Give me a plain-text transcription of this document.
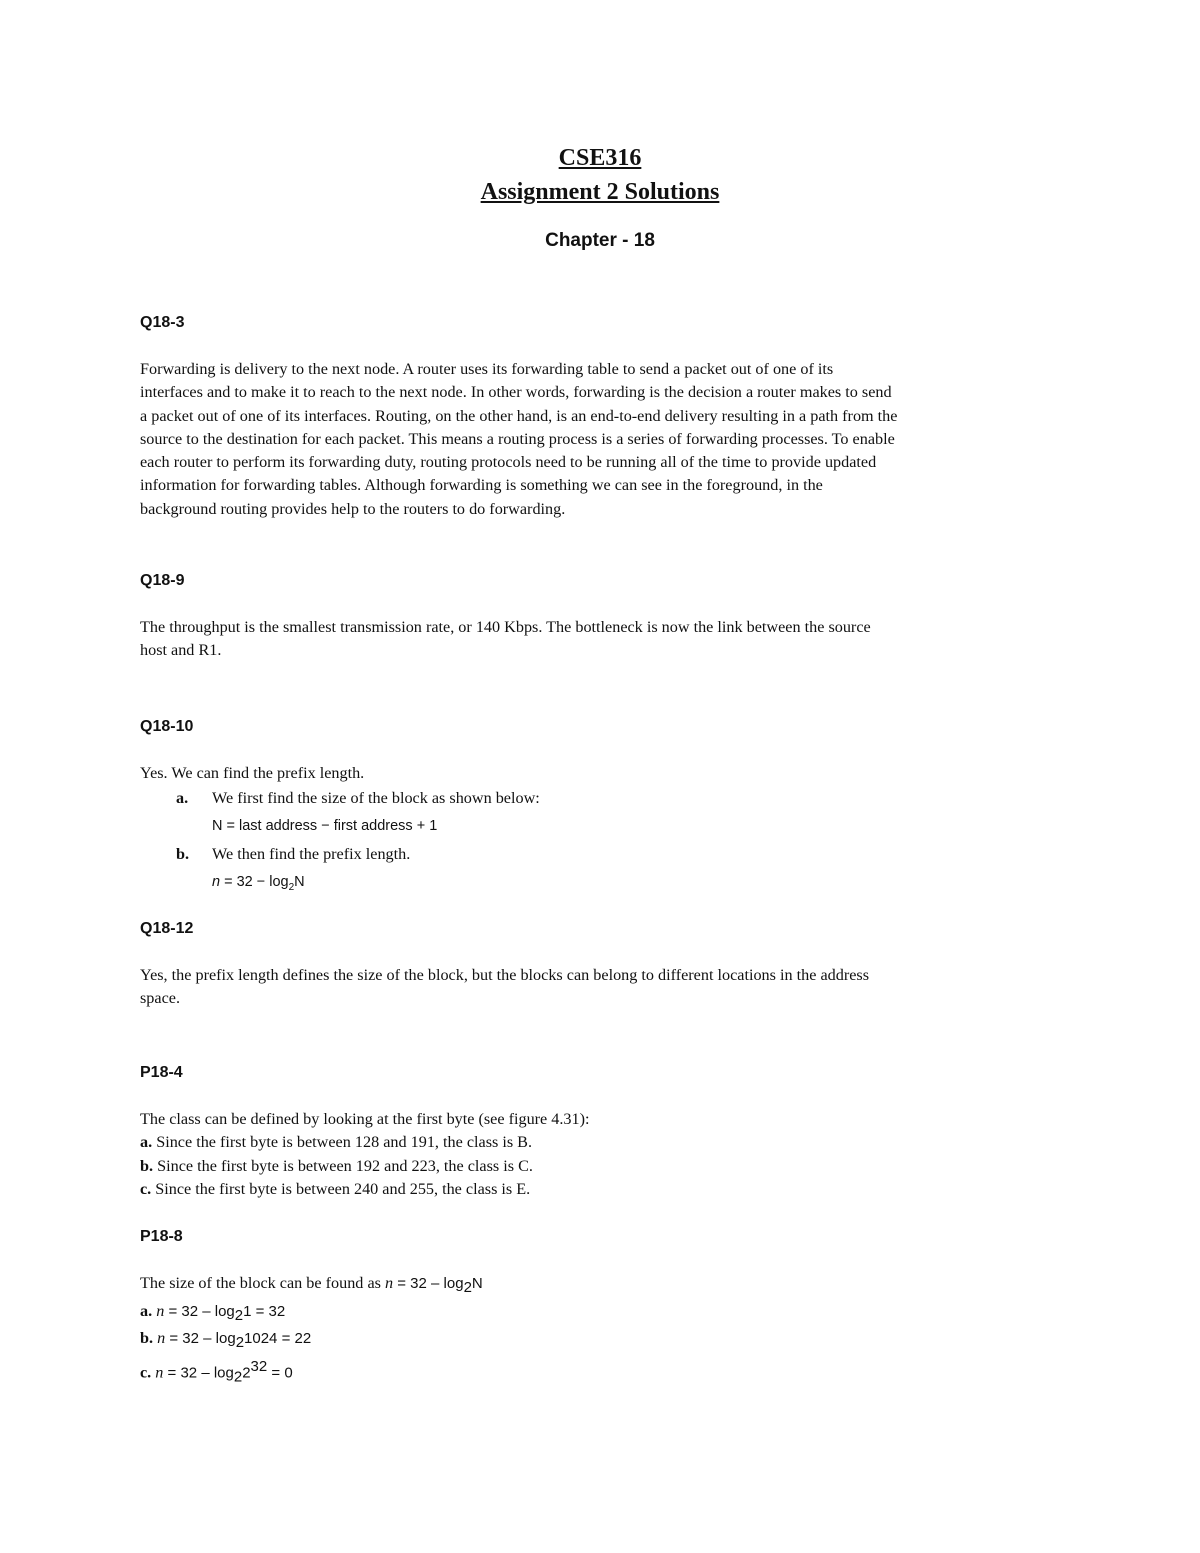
CSE316

Assignment 2 Solutions

Chapter - 18

Q18-3

Forwarding is delivery to the next node. A router uses its forwarding table to send a packet out of one of its

interfaces and to make it to reach to the next node. In other words, forwarding is the decision a router makes to send

a packet out of one of its interfaces. Routing, on the other hand, is an end-to-end delivery resulting in a path from the

source to the destination for each packet. This means a routing process is a series of forwarding processes. To enable

each router to perform its forwarding duty, routing protocols need to be running all of the time to provide updated

information for forwarding tables. Although forwarding is something we can see in the foreground, in the

background routing provides help to the routers to do forwarding.

Q18-9

The throughput is the smallest transmission rate, or 140 Kbps. The bottleneck is now the link between the source

host and R1.

Q18-10

Yes. We can find the prefix length.

a. We first find the size of the block as shown below:
N = last address − first address + 1
b. We then find the prefix length.
$n = 32 - \log_2N$

Q18-12

Yes, the prefix length defines the size of the block, but the blocks can belong to different locations in the address

space.

P18-4

The class can be defined by looking at the first byte (see figure 4.31):

a. Since the first byte is between 128 and 191, the class is B.

b. Since the first byte is between 192 and 223, the class is C.

c. Since the first byte is between 240 and 255, the class is E.

P18-8

The size of the block can be found as $n = 32 - \log_2N$

a. $n = 32 - \log_21 = 32$

b. $n = 32 - \log_21024 = 22$

c. $n = 32 - \log_22^{32} = 0$
